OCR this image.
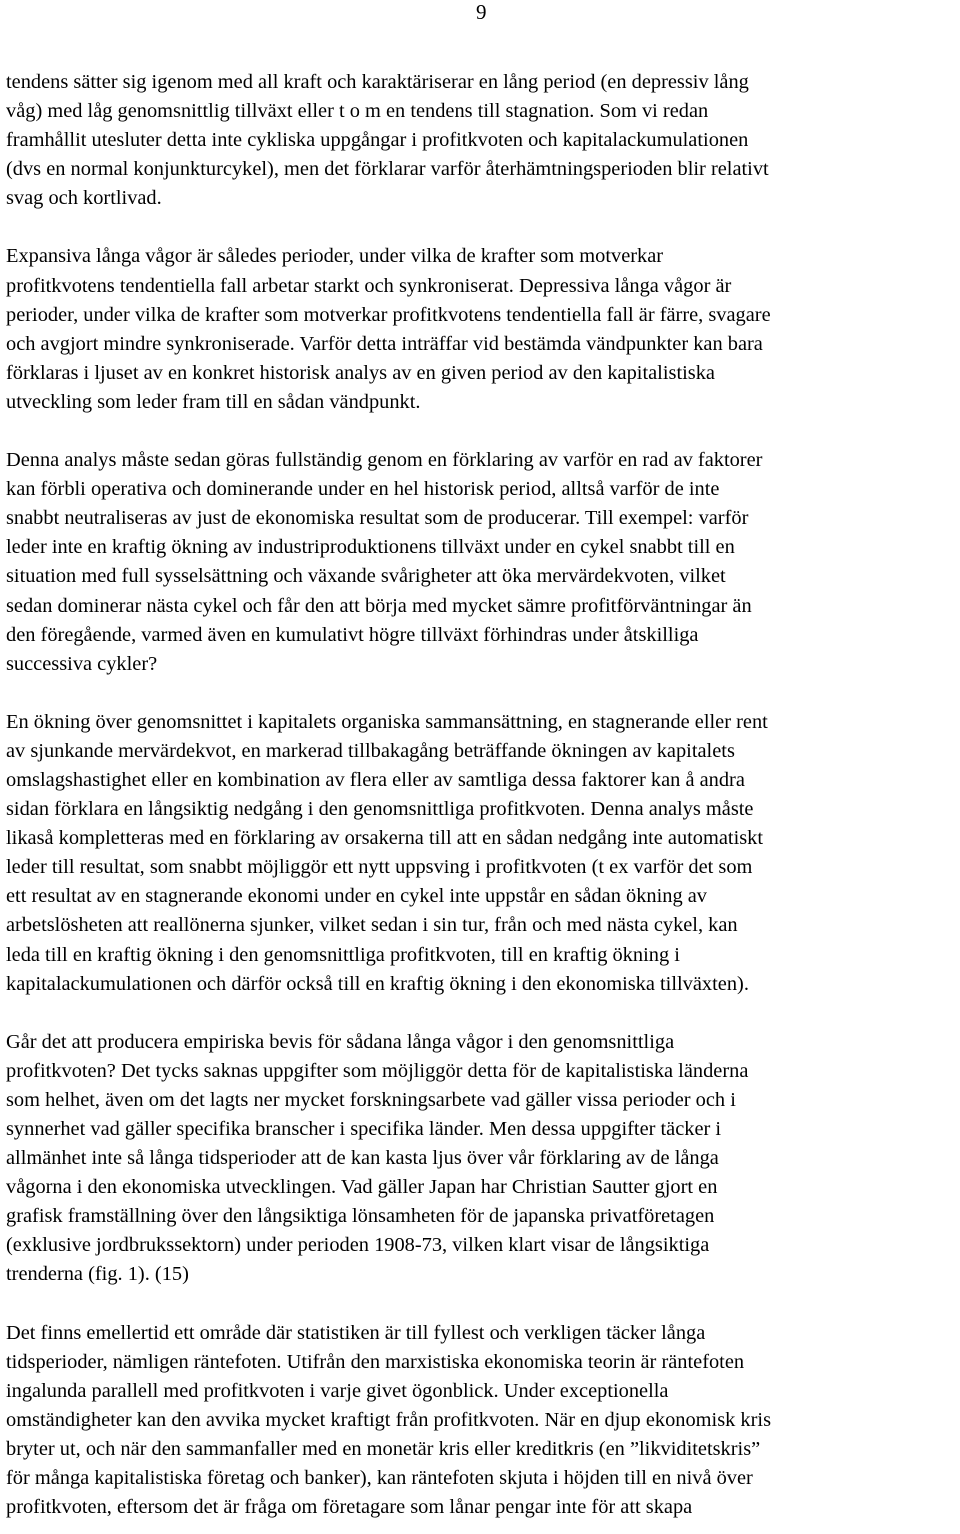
9

tendens sätter sig igenom med all kraft och karaktäriserar en lång period (en depressiv lång
våg) med låg genomsnittlig tillväxt eller t o m en tendens till stagnation. Som vi redan
framhållit utesluter detta inte cykliska uppgångar i profitkvoten och kapitalackumulationen
(dvs en normal konjunkturcykel), men det förklarar varför återhämtningsperioden blir relativt
svag och kortlivad.

Expansiva långa vågor är således perioder, under vilka de krafter som motverkar
profitkvotens tendentiella fall arbetar starkt och synkroniserat. Depressiva långa vågor är
perioder, under vilka de krafter som motverkar profitkvotens tendentiella fall är färre, svagare
och avgjort mindre synkroniserade. Varför detta inträffar vid bestämda vändpunkter kan bara
förklaras i ljuset av en konkret historisk analys av en given period av den kapitalistiska
utveckling som leder fram till en sådan vändpunkt.

Denna analys måste sedan göras fullständig genom en förklaring av varför en rad av faktorer
kan förbli operativa och dominerande under en hel historisk period, alltså varför de inte
snabbt neutraliseras av just de ekonomiska resultat som de producerar. Till exempel: varför
leder inte en kraftig ökning av industriproduktionens tillväxt under en cykel snabbt till en
situation med full sysselsättning och växande svårigheter att öka mervärdekvoten, vilket
sedan dominerar nästa cykel och får den att börja med mycket sämre profitförväntningar än
den föregående, varmed även en kumulativt högre tillväxt förhindras under åtskilliga
successiva cykler?

En ökning över genomsnittet i kapitalets organiska sammansättning, en stagnerande eller rent
av sjunkande mervärdekvot, en markerad tillbakagång beträffande ökningen av kapitalets
omslagshastighet eller en kombination av flera eller av samtliga dessa faktorer kan å andra
sidan förklara en långsiktig nedgång i den genomsnittliga profitkvoten. Denna analys måste
likaså kompletteras med en förklaring av orsakerna till att en sådan nedgång inte automatiskt
leder till resultat, som snabbt möjliggör ett nytt uppsving i profitkvoten (t ex varför det som
ett resultat av en stagnerande ekonomi under en cykel inte uppstår en sådan ökning av
arbetslösheten att reallönerna sjunker, vilket sedan i sin tur, från och med nästa cykel, kan
leda till en kraftig ökning i den genomsnittliga profitkvoten, till en kraftig ökning i
kapitalackumulationen och därför också till en kraftig ökning i den ekonomiska tillväxten).

Går det att producera empiriska bevis för sådana långa vågor i den genomsnittliga
profitkvoten? Det tycks saknas uppgifter som möjliggör detta för de kapitalistiska länderna
som helhet, även om det lagts ner mycket forskningsarbete vad gäller vissa perioder och i
synnerhet vad gäller specifika branscher i specifika länder. Men dessa uppgifter täcker i
allmänhet inte så långa tidsperioder att de kan kasta ljus över vår förklaring av de långa
vågorna i den ekonomiska utvecklingen. Vad gäller Japan har Christian Sautter gjort en
grafisk framställning över den långsiktiga lönsamheten för de japanska privatföretagen
(exklusive jordbrukssektorn) under perioden 1908-73, vilken klart visar de långsiktiga
trenderna (fig. 1). (15)

Det finns emellertid ett område där statistiken är till fyllest och verkligen täcker långa
tidsperioder, nämligen räntefoten. Utifrån den marxistiska ekonomiska teorin är räntefoten
ingalunda parallell med profitkvoten i varje givet ögonblick. Under exceptionella
omständigheter kan den avvika mycket kraftigt från profitkvoten. När en djup ekonomisk kris
bryter ut, och när den sammanfaller med en monetär kris eller kreditkris (en ”likviditetskris”
för många kapitalistiska företag och banker), kan räntefoten skjuta i höjden till en nivå över
profitkvoten, eftersom det är fråga om företagare som lånar pengar inte för att skapa
